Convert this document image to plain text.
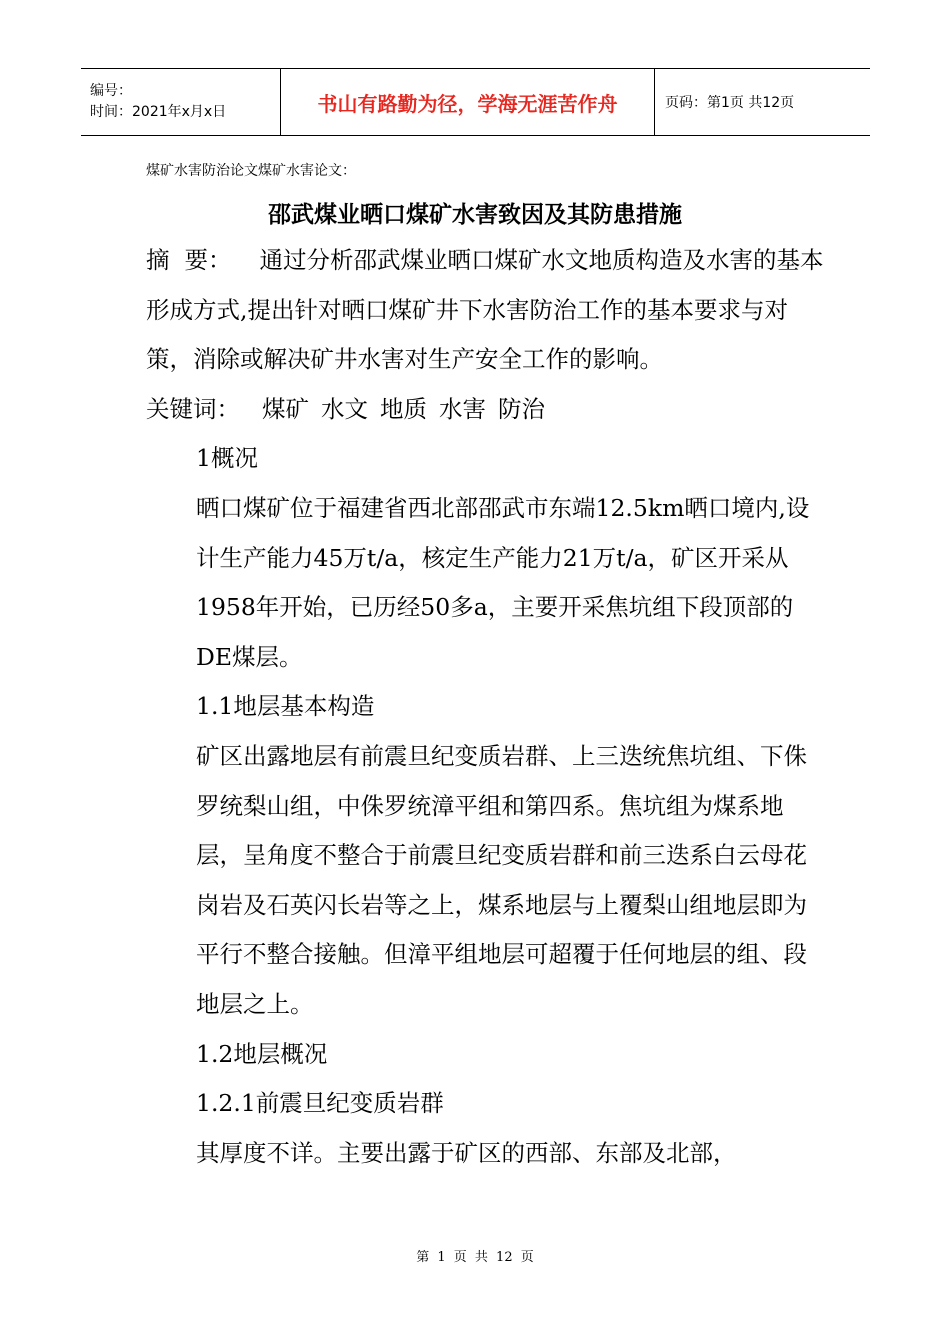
编号：
时间：2021年x月x日	书山有路勤为径，学海无涯苦作舟	页码：第1页 共12页
煤矿水害防治论文煤矿水害论文：
邵武煤业晒口煤矿水害致因及其防患措施

摘  要： 通过分析邵武煤业晒口煤矿水文地质构造及水害的基本形成方式,提出针对晒口煤矿井下水害防治工作的基本要求与对策，消除或解决矿井水害对生产安全工作的影响。

关键词： 煤矿 水文 地质 水害 防治

1概况

晒口煤矿位于福建省西北部邵武市东端12.5km晒口境内,设计生产能力45万t/a，核定生产能力21万t/a，矿区开采从1958年开始，已历经50多a，主要开采焦坑组下段顶部的DE煤层。

1.1地层基本构造

矿区出露地层有前震旦纪变质岩群、上三迭统焦坑组、下侏罗统梨山组，中侏罗统漳平组和第四系。焦坑组为煤系地层，呈角度不整合于前震旦纪变质岩群和前三迭系白云母花岗岩及石英闪长岩等之上，煤系地层与上覆梨山组地层即为平行不整合接触。但漳平组地层可超覆于任何地层的组、段地层之上。

1.2地层概况

1.2.1前震旦纪变质岩群

其厚度不详。主要出露于矿区的西部、东部及北部，

第 1 页 共 12 页
